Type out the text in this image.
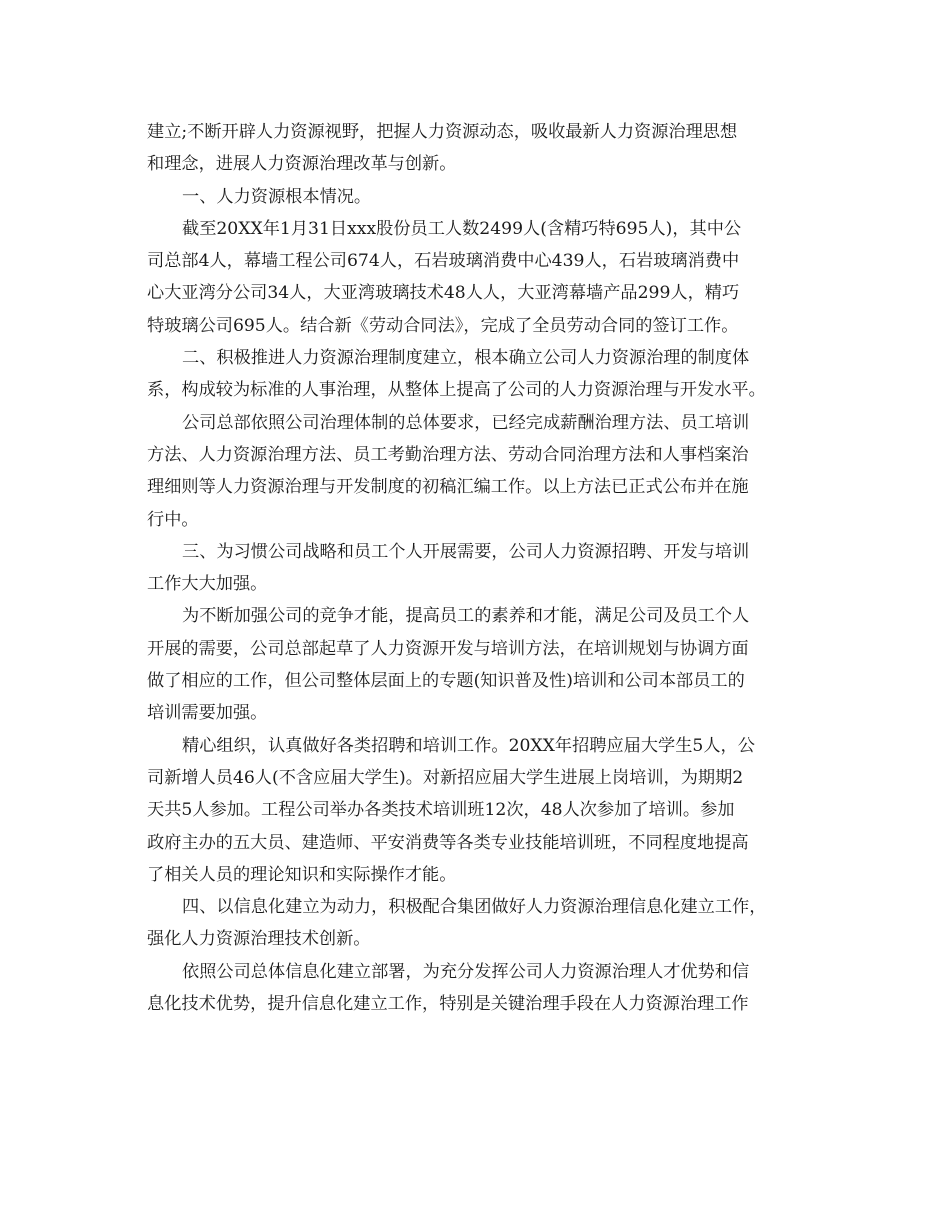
建立;不断开辟人力资源视野，把握人力资源动态，吸收最新人力资源治理思想
和理念，进展人力资源治理改革与创新。
一、人力资源根本情况。
截至20XX年1月31日xxx股份员工人数2499人(含精巧特695人)，其中公
司总部4人，幕墙工程公司674人，石岩玻璃消费中心439人，石岩玻璃消费中
心大亚湾分公司34人，大亚湾玻璃技术48人人，大亚湾幕墙产品299人，精巧
特玻璃公司695人。结合新《劳动合同法》，完成了全员劳动合同的签订工作。
二、积极推进人力资源治理制度建立，根本确立公司人力资源治理的制度体
系，构成较为标准的人事治理，从整体上提高了公司的人力资源治理与开发水平。
公司总部依照公司治理体制的总体要求，已经完成薪酬治理方法、员工培训
方法、人力资源治理方法、员工考勤治理方法、劳动合同治理方法和人事档案治
理细则等人力资源治理与开发制度的初稿汇编工作。以上方法已正式公布并在施
行中。
三、为习惯公司战略和员工个人开展需要，公司人力资源招聘、开发与培训
工作大大加强。
为不断加强公司的竞争才能，提高员工的素养和才能，满足公司及员工个人
开展的需要，公司总部起草了人力资源开发与培训方法，在培训规划与协调方面
做了相应的工作，但公司整体层面上的专题(知识普及性)培训和公司本部员工的
培训需要加强。
精心组织，认真做好各类招聘和培训工作。20XX年招聘应届大学生5人，公
司新增人员46人(不含应届大学生)。对新招应届大学生进展上岗培训，为期期2
天共5人参加。工程公司举办各类技术培训班12次，48人次参加了培训。参加
政府主办的五大员、建造师、平安消费等各类专业技能培训班，不同程度地提高
了相关人员的理论知识和实际操作才能。
四、以信息化建立为动力，积极配合集团做好人力资源治理信息化建立工作，
强化人力资源治理技术创新。
依照公司总体信息化建立部署，为充分发挥公司人力资源治理人才优势和信
息化技术优势，提升信息化建立工作，特别是关键治理手段在人力资源治理工作
